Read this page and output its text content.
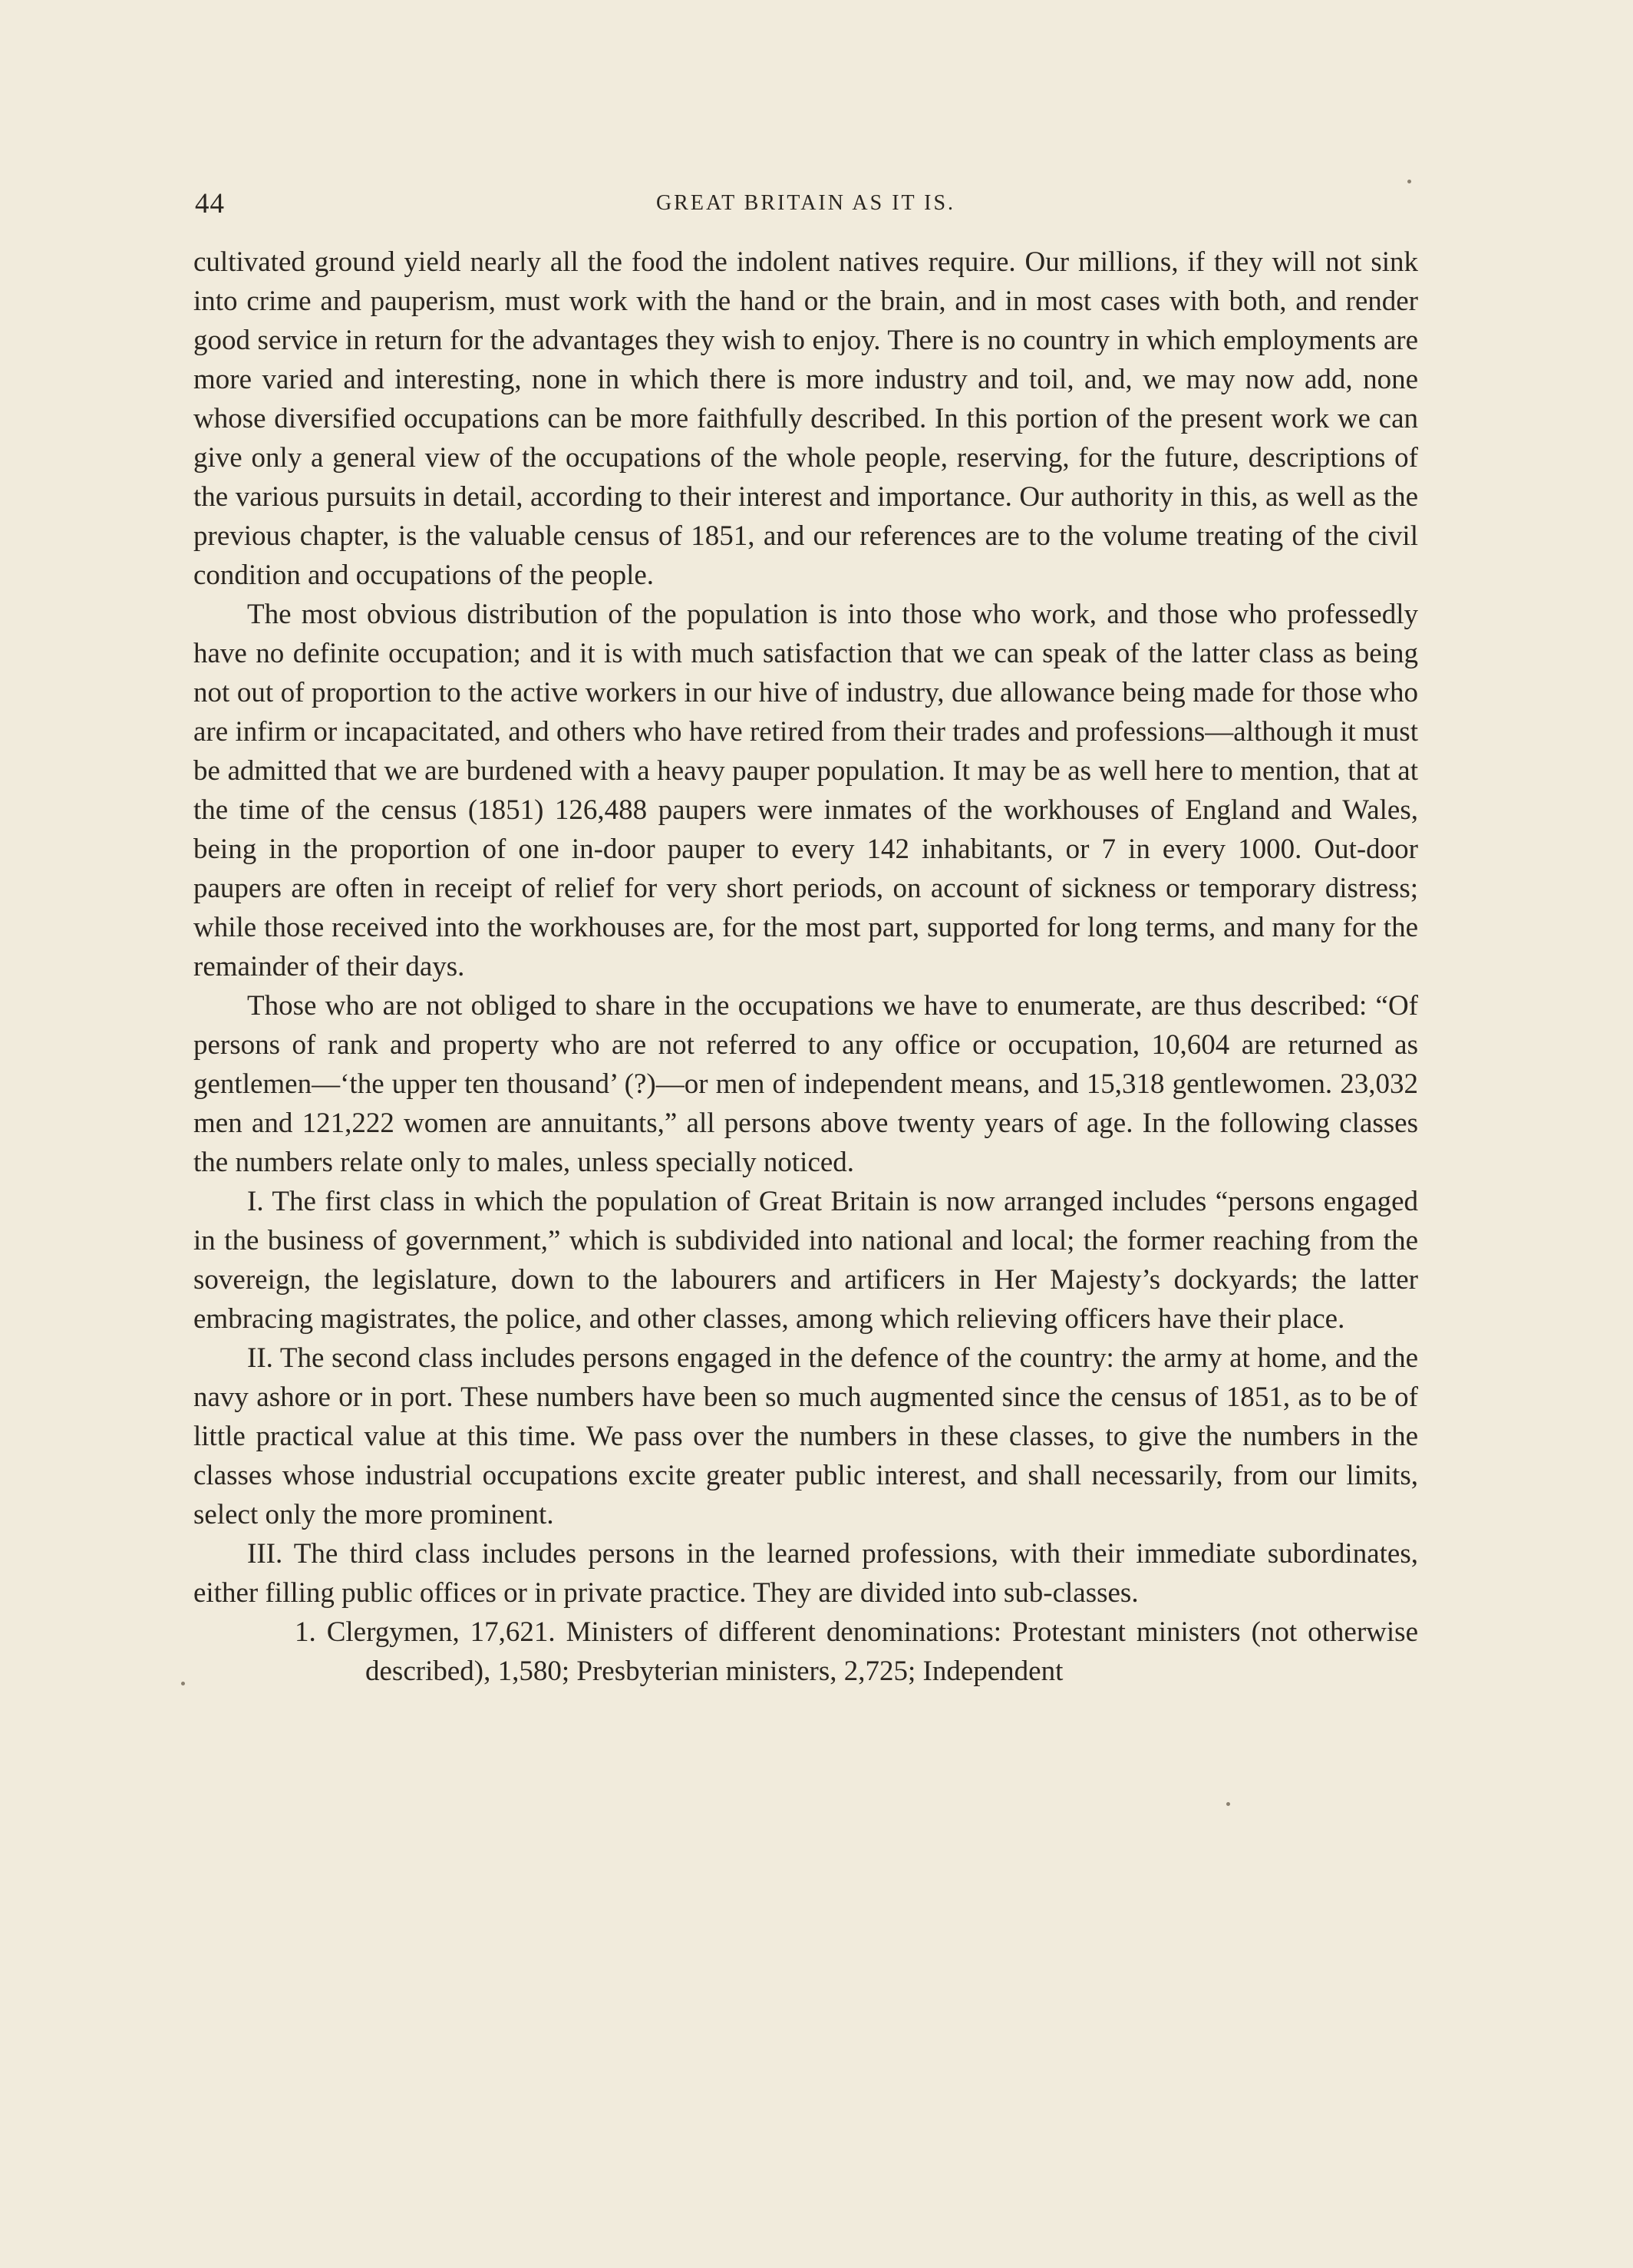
44	GREAT BRITAIN AS IT IS.

cultivated ground yield nearly all the food the indolent natives require. Our millions, if they will not sink into crime and pauperism, must work with the hand or the brain, and in most cases with both, and render good service in return for the advantages they wish to enjoy. There is no country in which employments are more varied and interesting, none in which there is more industry and toil, and, we may now add, none whose diversified occupations can be more faithfully described. In this portion of the present work we can give only a general view of the occupations of the whole people, reserving, for the future, descriptions of the various pursuits in detail, according to their interest and importance. Our authority in this, as well as the previous chapter, is the valuable census of 1851, and our references are to the volume treating of the civil condition and occupations of the people.

The most obvious distribution of the population is into those who work, and those who professedly have no definite occupation; and it is with much satisfaction that we can speak of the latter class as being not out of proportion to the active workers in our hive of industry, due allowance being made for those who are infirm or incapacitated, and others who have retired from their trades and professions—although it must be admitted that we are burdened with a heavy pauper population. It may be as well here to mention, that at the time of the census (1851) 126,488 paupers were inmates of the workhouses of England and Wales, being in the proportion of one in-door pauper to every 142 inhabitants, or 7 in every 1000. Out-door paupers are often in receipt of relief for very short periods, on account of sickness or temporary distress; while those received into the workhouses are, for the most part, supported for long terms, and many for the remainder of their days.

Those who are not obliged to share in the occupations we have to enumerate, are thus described: “Of persons of rank and property who are not referred to any office or occupation, 10,604 are returned as gentlemen—‘the upper ten thousand’ (?)—or men of independent means, and 15,318 gentlewomen. 23,032 men and 121,222 women are annuitants,” all persons above twenty years of age. In the following classes the numbers relate only to males, unless specially noticed.

I. The first class in which the population of Great Britain is now arranged includes “persons engaged in the business of government,” which is subdivided into national and local; the former reaching from the sovereign, the legislature, down to the labourers and artificers in Her Majesty’s dockyards; the latter embracing magistrates, the police, and other classes, among which relieving officers have their place.

II. The second class includes persons engaged in the defence of the country: the army at home, and the navy ashore or in port. These numbers have been so much augmented since the census of 1851, as to be of little practical value at this time. We pass over the numbers in these classes, to give the numbers in the classes whose industrial occupations excite greater public interest, and shall necessarily, from our limits, select only the more prominent.

III. The third class includes persons in the learned professions, with their immediate subordinates, either filling public offices or in private practice. They are divided into sub-classes.

1. Clergymen, 17,621. Ministers of different denominations: Protestant ministers (not otherwise described), 1,580; Presbyterian ministers, 2,725; Independent
